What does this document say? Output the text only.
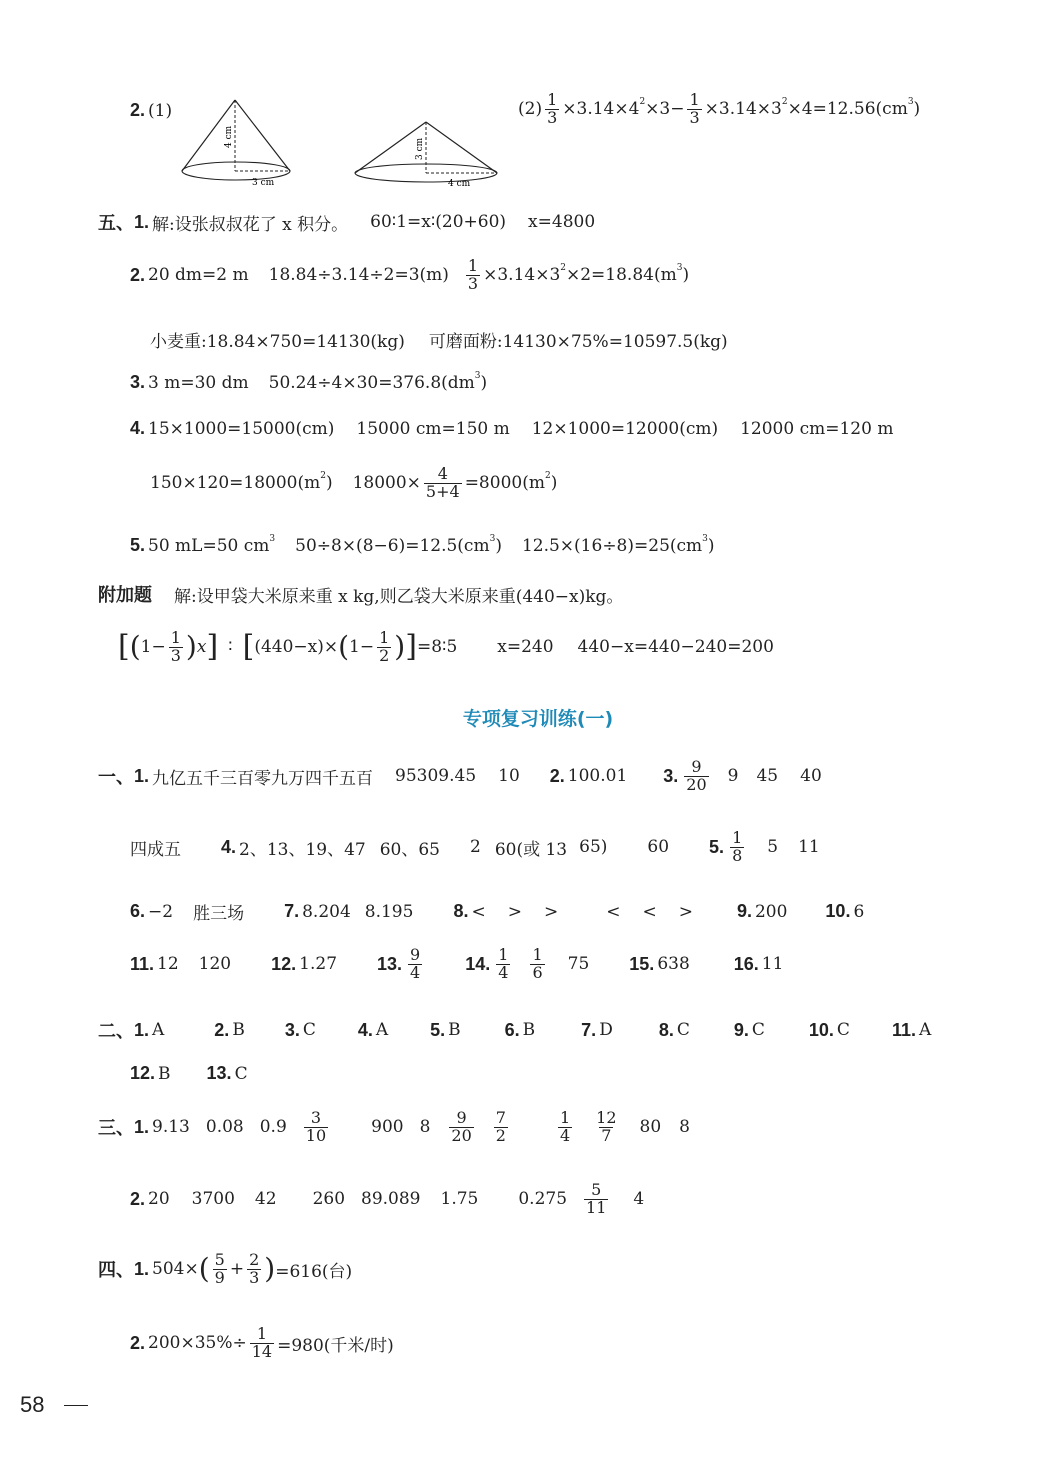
2. (1)
4 cm
3 cm
3 cm
4 cm
$(2) \frac{1}{3} \times 3.14\times 4$ $2 \times 3- \frac{1}{3} \times 3.14\times 3$ 2 ×4=12.56(cm 3 )
五、 1. 解:设张叔叔花了 x 积分。 60∶1=x∶(20+60) x=4800
2. 20 dm=2 m $18.84\div 3.14\div 2=3(m) \frac{1}{3} \times 3.14\times 3$ 2 ×2=18.84(m 3 )
小麦重:18.84×750=14130(kg) 可磨面粉:14130×75%=10597.5(kg)
3. 3 m=30 dm 50.24÷4×30=376.8(dm 3 )
4. 15×1000=15000(cm) 15000 cm=150 m 12×1000=12000(cm) 12000 cm=120 m
150×120=18000(m 2 ) $18000\times \frac{4}{5+4} =8000(m$ 2 )
5. 50 mL=50 cm 3 50÷8×(8−6)=12.5(cm 3 ) 12.5×(16÷8)=25(cm 3 )
附加题 解:设甲袋大米原来重 x kg,则乙袋大米原来重(440−x)kg。
[ ( $1- \frac{1}{3}$ ) x ] ∶ [ (440−x)× ( $1- \frac{1}{2}$ ) ] =8∶5 x=240 440−x=440−240=200
专项复习训练(一)
一、 1. 九亿五千三百零九万四千五百 95309.45 10 2. 100.01 3. $\frac{9}{20} 9$ 45 40
四成五 4. 2、13、19、47 60、65 2 60(或 13 65) 60 5. $\frac{1}{8} 5$ 11
6. −2 胜三场 7. 8.204 8.195 8. < > >	< < > 9. 200 10. 6
11. 12 120 12. 1.27 13. $\frac{9}{4} 14$. $\frac{1}{4} \frac{1}{6} 75$ 15. 638 16. 11
二、 1. A	2. B 3. C 4. A 5. B 6. B	7. D	8. C 9. C 10. C 11. A
12. B 13. C
三、 1. 9.13 0.08 $0.9 \frac{3}{10}$	900 $8 \frac{9}{20} \frac{7}{2}$	$\frac{1}{4} \frac{12}{7} 80$ 8
2. 20 3700 42 260 89.089 1.75 $0.275 \frac{5}{11} 4$
四、 1. 504× ( $\frac{5}{9} + \frac{2}{3}$ ) =616(台)
2. $200\times 35\%\div \frac{1}{14} =980$(千米/时)
58
